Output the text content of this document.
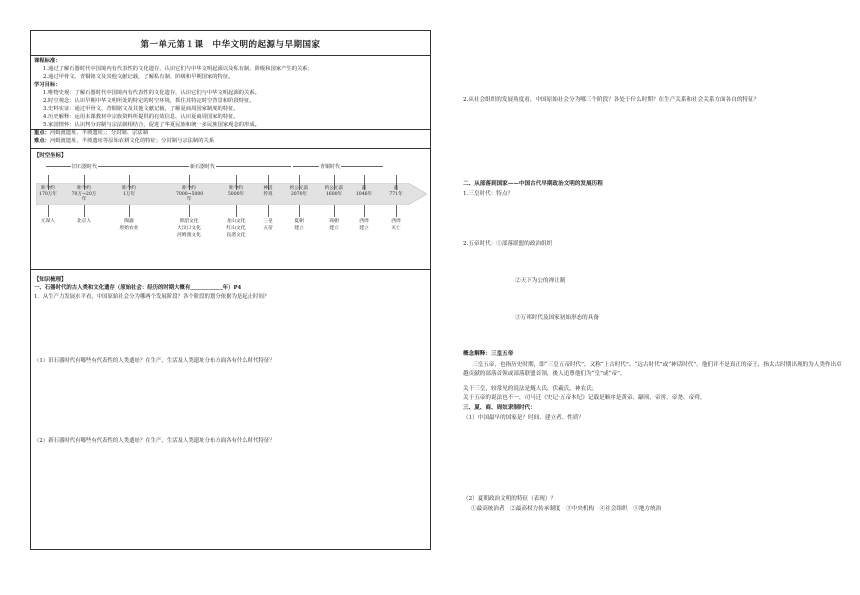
第一单元第１课　中华文明的起源与早期国家
课程标准：
1.通过了解石器时代中国境内有代表性的文化遗存，认识它们与中华文明起源以及私有制、阶级和国家产生的关系；
2.通过甲骨文、青铜铭文及其他文献记载，了解私有制、阶级和早期国家的特征。
学习目标：
1.唯物史观：了解石器时代中国境内有代表性的文化遗存，认识它们与中华文明起源的关系。
2.时空观念：认识早期中华文明所处的特定的时空环境，抓住其特定时空背景和阶段特征。
3.史料实证：通过甲骨文、青铜铭文及其他文献记载，了解夏商周国家制度的特征。
4.历史解释：运用本课教材中宗族资料所提供的有效信息，认识夏商周国家的特征。
5.家国情怀：认识判分封制与宗法制相结合，促进了华夏民族和统一多民族国家观念的形成。
重点：河姆渡遗址、半坡遗址；；分封制、宗法制
难点：河姆渡遗址、半坡遗址等原始农耕文化的特征；分封制与宗法制的关系
【时空坐标】
旧石器时代	新石器时代	青铜时代
距今约
170万年
元谋人
距今约
70万~20万年
北京人
距今约
1万年
陶器
原始农业
距今约
7000~5000年
仰韶文化
大汶口文化
河姆渡文化
距今约
5000年
龙山文化
红山文化
良渚文化
神话
传说
三皇
五帝
约公元前
2070年
夏朝
建立
约公元前
1600年
商朝
建立
前
1046年
西周
建立
前
771年
西周
灭亡
【知识梳理】
一、石器时代的古人类和文化遗存（原始社会：经历的时期大概有＿＿＿＿＿＿年）P4
1．从生产力发展水平看，中国原始社会分为哪两个发展阶段？各个阶段的划分依据为是起止时间？
（1）旧石器时代有哪些有代表性的人类遗址？在生产、生活及人类遗址分布方面各有什么时代特征？
（2）新石器时代有哪些有代表性的人类遗址？在生产、生活及人类遗址分布方面各有什么时代特征？
2.从社会组织的发展角度看，中国原始社会分为哪三个阶段？各处于什么时期？在生产关系和社会关系方面各自的特征？
二、从部落到国家——中国古代早期政治文明的发展历程
1.三皇时代：特点？
2.五帝时代：①部落联盟的政治组织
②天下为公的禅让制
③万邦时代及国家初始形态的具备
概念解释：三皇五帝
三皇五帝，也指历史时期，即“三皇五帝时代”，又称“上古时代”、“远古时代”或“神话时代”。他们并不是真正的帝王，指太古时期出现的为人类作出卓越贡献的部落首领或部落联盟首领，後人追尊他们为“皇”或“帝”。
关于三皇，较常见的说法是燧人氏、伏羲氏、神农氏；
关于五帝的说法也不一，司马迁《史记·五帝本纪》记载是顺序是黄帝、颛顼、帝喾、帝尧、帝舜。
三、夏、商、周奴隶制时代：
（1）中国最早的国家是？时间、建立者、性质？
（2）夏朝政治文明的特征（表现）？
①最高统治者　②最高权力传承制度　③中央机构　④社会组织　⑤地方统治
